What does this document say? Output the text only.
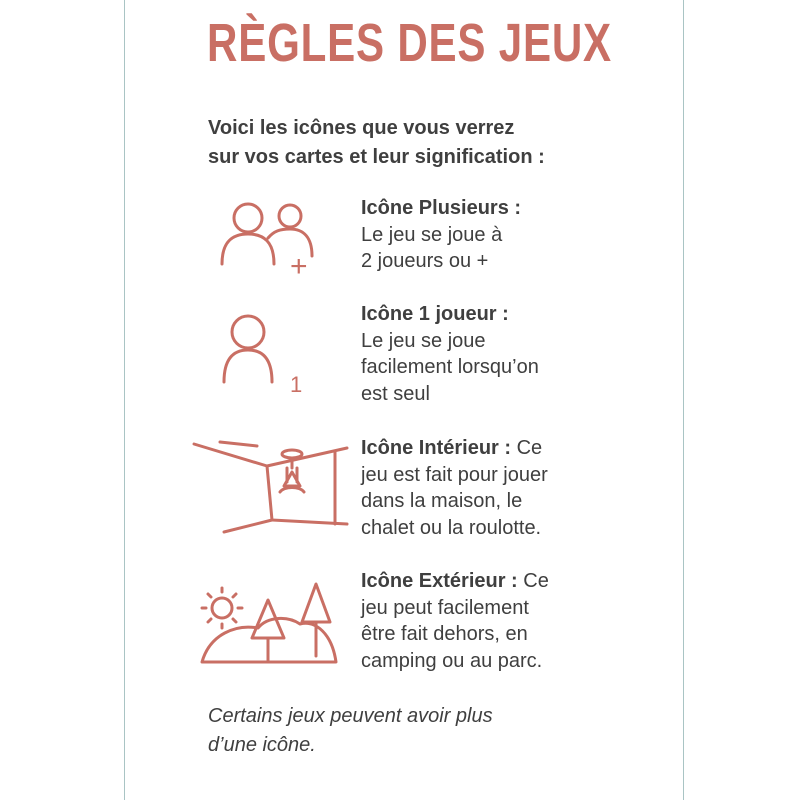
RÈGLES DES JEUX
Voici les icônes que vous verrez
sur vos cartes et leur signification :
+
Icône Plusieurs :
Le jeu se joue à
2 joueurs ou +
1
Icône 1 joueur :
Le jeu se joue
facilement lorsqu’on
est seul
Icône Intérieur : Ce
jeu est fait pour jouer
dans la maison, le
chalet ou la roulotte.
Icône Extérieur : Ce
jeu peut facilement
être fait dehors, en
camping ou au parc.
Certains jeux peuvent avoir plus
d’une icône.
